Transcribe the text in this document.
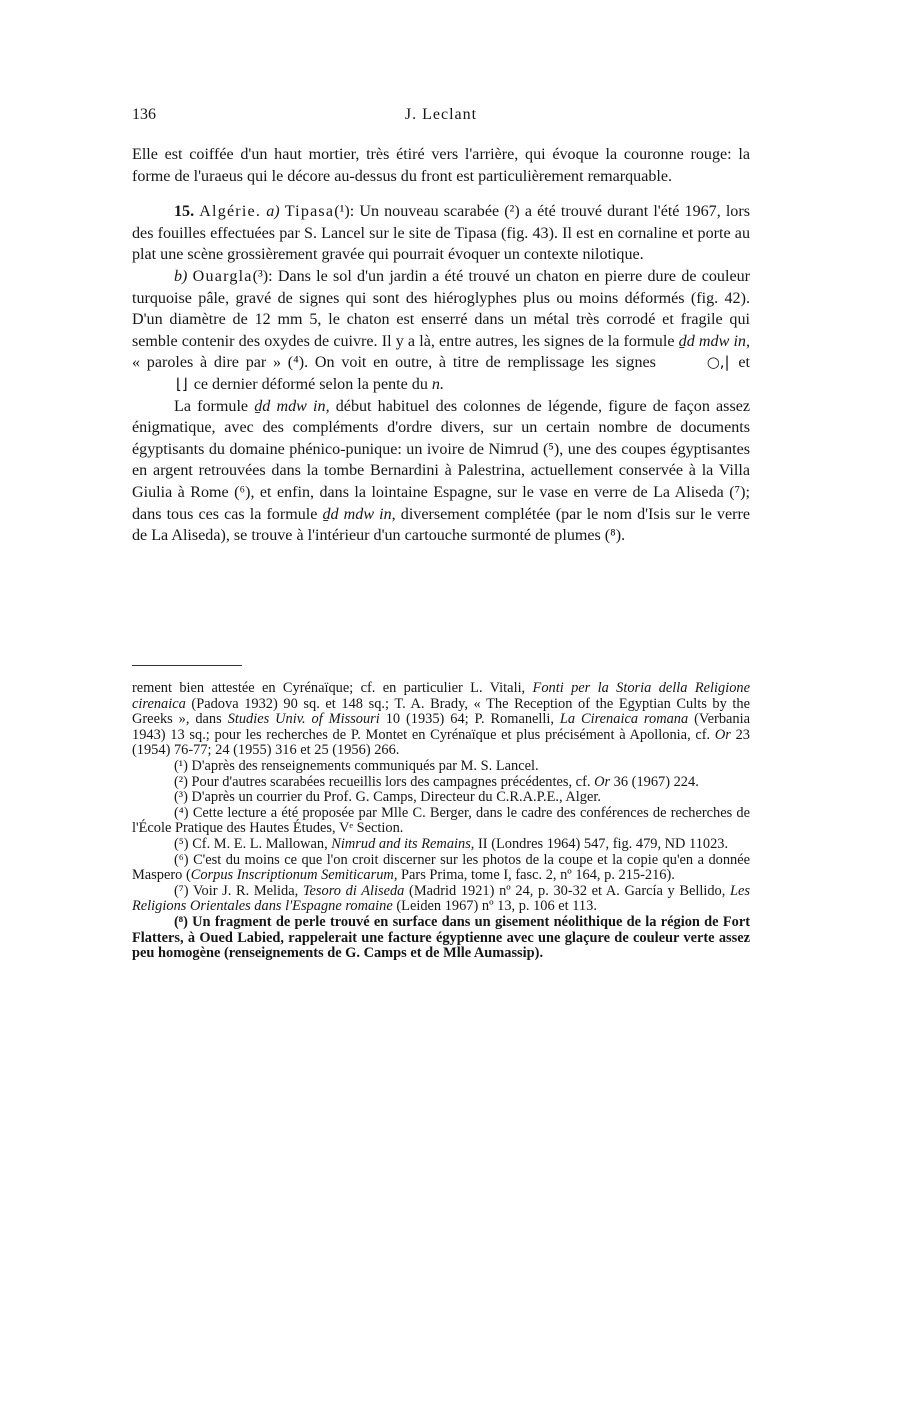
136	J. Leclant

Elle est coiffée d'un haut mortier, très étiré vers l'arrière, qui évoque la couronne rouge: la forme de l'uraeus qui le décore au-dessus du front est particulièrement remarquable.

15. Algérie. a) Tipasa(¹): Un nouveau scarabée (²) a été trouvé durant l'été 1967, lors des fouilles effectuées par S. Lancel sur le site de Tipasa (fig. 43). Il est en cornaline et porte au plat une scène grossièrement gravée qui pourrait évoquer un contexte nilotique.

b) Ouargla(³): Dans le sol d'un jardin a été trouvé un chaton en pierre dure de couleur turquoise pâle, gravé de signes qui sont des hiéroglyphes plus ou moins déformés (fig. 42). D'un diamètre de 12 mm 5, le chaton est enserré dans un métal très corrodé et fragile qui semble contenir des oxydes de cuivre. Il y a là, entre autres, les signes de la formule ḏd mdw in, « paroles à dire par » (⁴). On voit en outre, à titre de remplissage les signes	○,| et ⌊⌋ ce dernier déformé selon la pente du n.

La formule ḏd mdw in, début habituel des colonnes de légende, figure de façon assez énigmatique, avec des compléments d'ordre divers, sur un certain nombre de documents égyptisants du domaine phénico-punique: un ivoire de Nimrud (⁵), une des coupes égyptisantes en argent retrouvées dans la tombe Bernardini à Palestrina, actuellement conservée à la Villa Giulia à Rome (⁶), et enfin, dans la lointaine Espagne, sur le vase en verre de La Aliseda (⁷); dans tous ces cas la formule ḏd mdw in, diversement complétée (par le nom d'Isis sur le verre de La Aliseda), se trouve à l'intérieur d'un cartouche surmonté de plumes (⁸).

rement bien attestée en Cyrénaïque; cf. en particulier L. Vitali, Fonti per la Storia della Religione cirenaica (Padova 1932) 90 sq. et 148 sq.; T. A. Brady, « The Reception of the Egyptian Cults by the Greeks », dans Studies Univ. of Missouri 10 (1935) 64; P. Romanelli, La Cirenaica romana (Verbania 1943) 13 sq.; pour les recherches de P. Montet en Cyrénaïque et plus précisément à Apollonia, cf. Or 23 (1954) 76-77; 24 (1955) 316 et 25 (1956) 266.

(¹) D'après des renseignements communiqués par M. S. Lancel.

(²) Pour d'autres scarabées recueillis lors des campagnes précédentes, cf. Or 36 (1967) 224.

(³) D'après un courrier du Prof. G. Camps, Directeur du C.R.A.P.E., Alger.

(⁴) Cette lecture a été proposée par Mlle C. Berger, dans le cadre des conférences de recherches de l'École Pratique des Hautes Études, Vᵉ Section.

(⁵) Cf. M. E. L. Mallowan, Nimrud and its Remains, II (Londres 1964) 547, fig. 479, ND 11023.

(⁶) C'est du moins ce que l'on croit discerner sur les photos de la coupe et la copie qu'en a donnée Maspero (Corpus Inscriptionum Semiticarum, Pars Prima, tome I, fasc. 2, nº 164, p. 215-216).

(⁷) Voir J. R. Melida, Tesoro di Aliseda (Madrid 1921) nº 24, p. 30-32 et A. García y Bellido, Les Religions Orientales dans l'Espagne romaine (Leiden 1967) nº 13, p. 106 et 113.

(⁸) Un fragment de perle trouvé en surface dans un gisement néolithique de la région de Fort Flatters, à Oued Labied, rappelerait une facture égyptienne avec une glaçure de couleur verte assez peu homogène (renseignements de G. Camps et de Mlle Aumassip).
